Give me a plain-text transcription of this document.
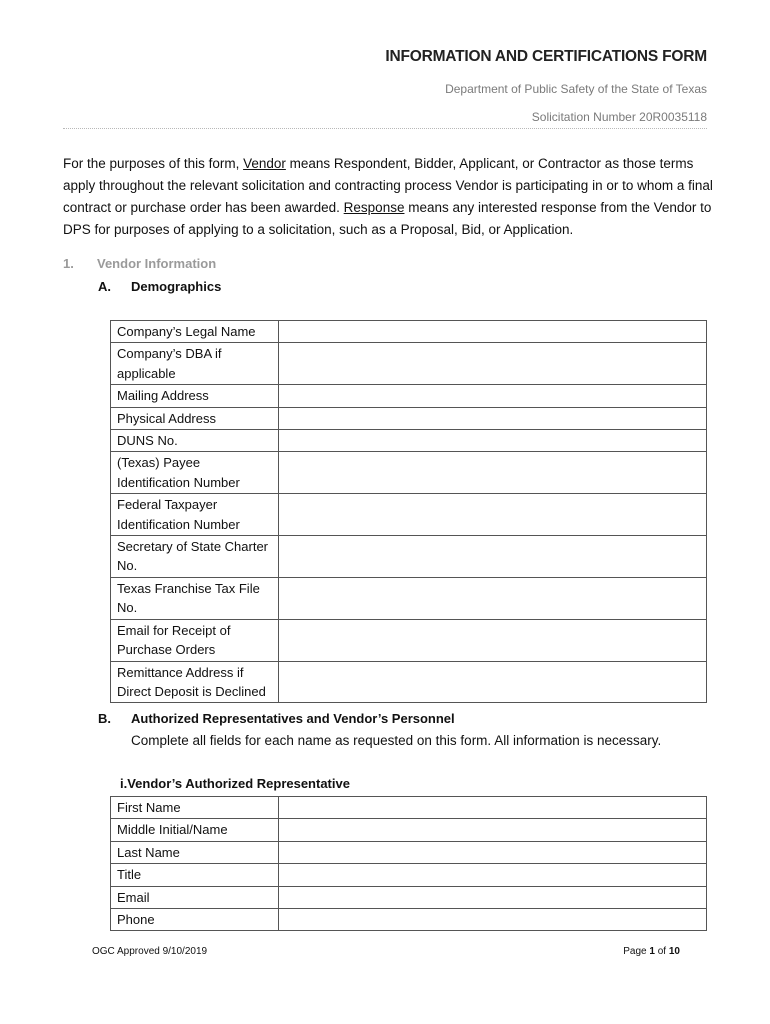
INFORMATION AND CERTIFICATIONS FORM
Department of Public Safety of the State of Texas
Solicitation Number 20R0035118
For the purposes of this form, Vendor means Respondent, Bidder, Applicant, or Contractor as those terms apply throughout the relevant solicitation and contracting process Vendor is participating in or to whom a final contract or purchase order has been awarded. Response means any interested response from the Vendor to DPS for purposes of applying to a solicitation, such as a Proposal, Bid, or Application.
1. Vendor Information
A. Demographics
Company’s Legal Name	
Company’s DBA if applicable	
Mailing Address	
Physical Address	
DUNS No.	
(Texas) Payee Identification Number	
Federal Taxpayer Identification Number	
Secretary of State Charter No.	
Texas Franchise Tax File No.	
Email for Receipt of Purchase Orders	
Remittance Address if Direct Deposit is Declined	
B. Authorized Representatives and Vendor’s Personnel
Complete all fields for each name as requested on this form. All information is necessary.
i.Vendor’s Authorized Representative
First Name	
Middle Initial/Name	
Last Name	
Title	
Email	
Phone	
OGC Approved 9/10/2019	Page 1 of 10
